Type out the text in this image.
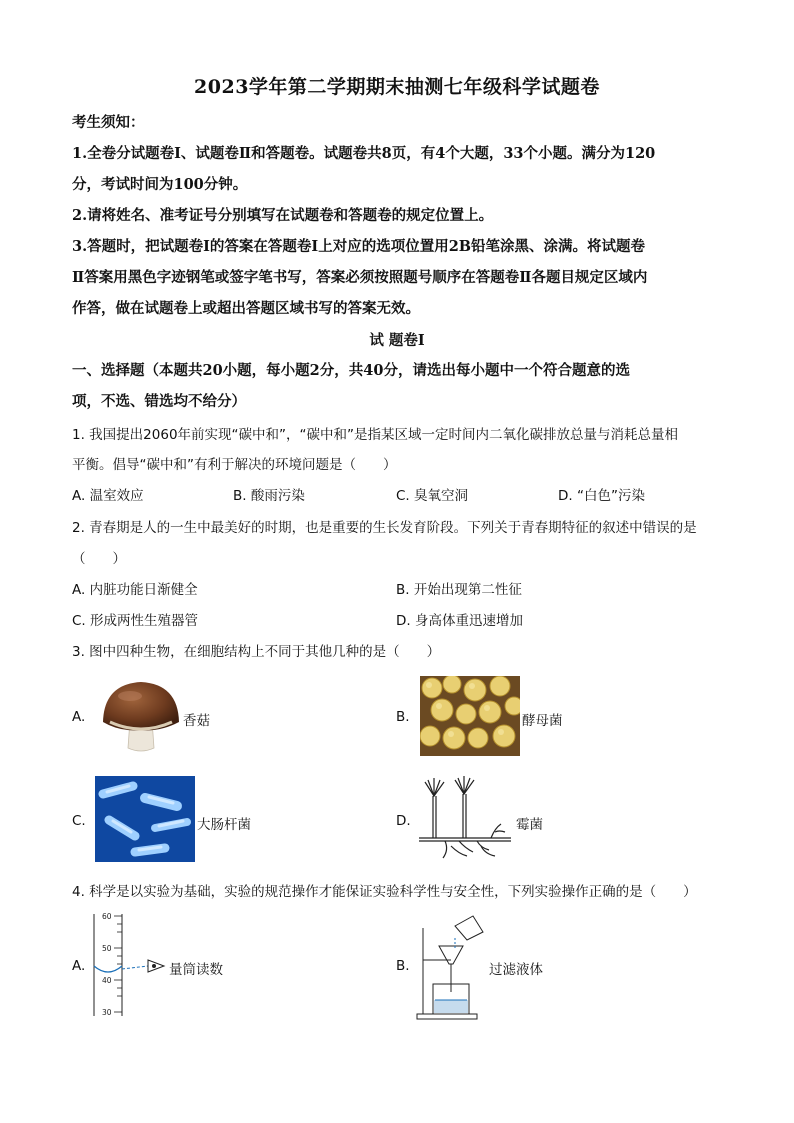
2023学年第二学期期末抽测七年级科学试题卷
考生须知：
1.全卷分试题卷Ⅰ、试题卷Ⅱ和答题卷。试题卷共8页，有4个大题，33个小题。满分为120
分，考试时间为100分钟。
2.请将姓名、准考证号分别填写在试题卷和答题卷的规定位置上。
3.答题时，把试题卷Ⅰ的答案在答题卷Ⅰ上对应的选项位置用2B铅笔涂黑、涂满。将试题卷
Ⅱ答案用黑色字迹钢笔或签字笔书写，答案必须按照题号顺序在答题卷Ⅱ各题目规定区域内
作答，做在试题卷上或超出答题区域书写的答案无效。
试 题卷Ⅰ
一、选择题（本题共20小题，每小题2分，共40分，请选出每小题中一个符合题意的选
项，不选、错选均不给分）
1. 我国提出2060年前实现“碳中和”，“碳中和”是指某区域一定时间内二氧化碳排放总量与消耗总量相
平衡。倡导“碳中和”有利于解决的环境问题是（　　）
A. 温室效应	B. 酸雨污染	C. 臭氧空洞	D. “白色”污染
2. 青春期是人的一生中最美好的时期，也是重要的生长发育阶段。下列关于青春期特征的叙述中错误的是
（　　）
A. 内脏功能日渐健全	B. 开始出现第二性征
C. 形成两性生殖器管	D. 身高体重迅速增加
3. 图中四种生物，在细胞结构上不同于其他几种的是（　　）
A.	香菇	B.	酵母菌
C.	大肠杆菌	D.	霉菌
4. 科学是以实验为基础，实验的规范操作才能保证实验科学性与安全性，下列实验操作正确的是（　　）
A.
60
50
40
30
量筒读数	B.	过滤液体
